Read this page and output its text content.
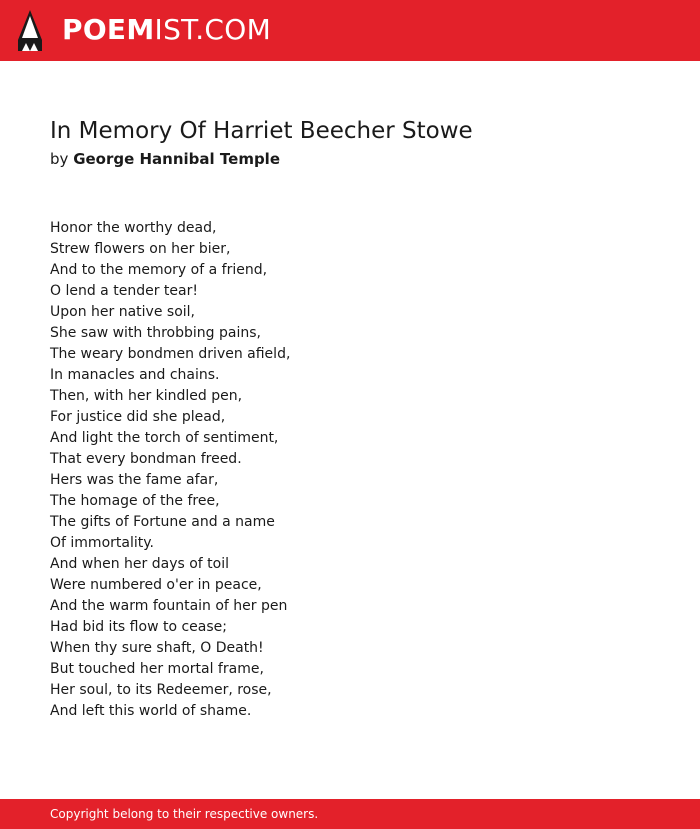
POEMIST.COM
In Memory Of Harriet Beecher Stowe
by George Hannibal Temple
Honor the worthy dead,
Strew flowers on her bier,
And to the memory of a friend,
O lend a tender tear!
Upon her native soil,
She saw with throbbing pains,
The weary bondmen driven afield,
In manacles and chains.
Then, with her kindled pen,
For justice did she plead,
And light the torch of sentiment,
That every bondman freed.
Hers was the fame afar,
The homage of the free,
The gifts of Fortune and a name
Of immortality.
And when her days of toil
Were numbered o'er in peace,
And the warm fountain of her pen
Had bid its flow to cease;
When thy sure shaft, O Death!
But touched her mortal frame,
Her soul, to its Redeemer, rose,
And left this world of shame.
Copyright belong to their respective owners.
